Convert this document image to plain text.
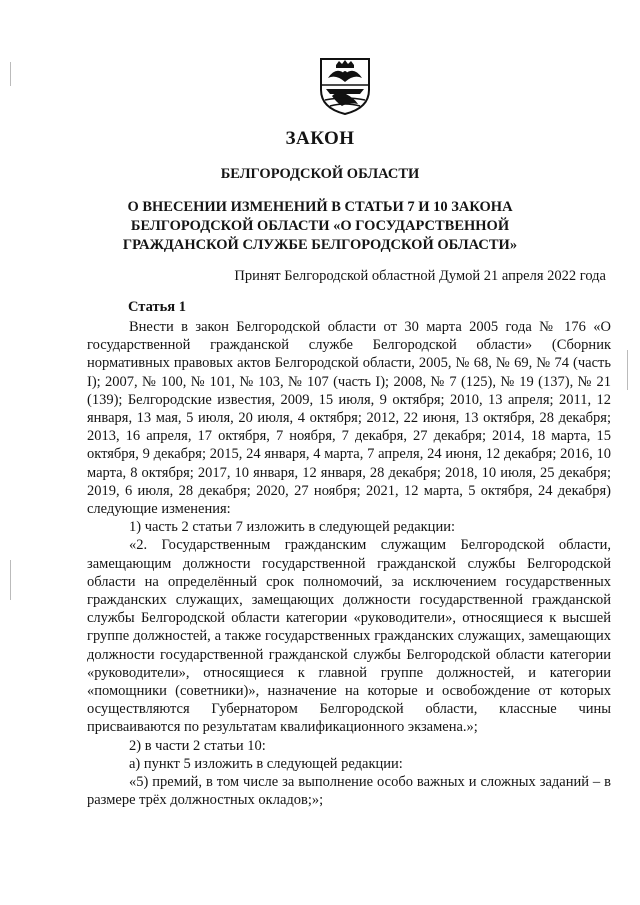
ЗАКОН
БЕЛГОРОДСКОЙ ОБЛАСТИ
О ВНЕСЕНИИ ИЗМЕНЕНИЙ В СТАТЬИ 7 И 10 ЗАКОНА
БЕЛГОРОДСКОЙ ОБЛАСТИ «О ГОСУДАРСТВЕННОЙ
ГРАЖДАНСКОЙ СЛУЖБЕ БЕЛГОРОДСКОЙ ОБЛАСТИ»
Принят Белгородской областной Думой 21 апреля 2022 года
Статья 1

Внести в закон Белгородской области от 30 марта 2005 года № 176 «О государственной гражданской службе Белгородской области» (Сборник нормативных правовых актов Белгородской области, 2005, № 68, № 69, № 74 (часть I); 2007, № 100, № 101, № 103, № 107 (часть I); 2008, № 7 (125), № 19 (137), № 21 (139); Белгородские известия, 2009, 15 июля, 9 октября; 2010, 13 апреля; 2011, 12 января, 13 мая, 5 июля, 20 июля, 4 октября; 2012, 22 июня, 13 октября, 28 декабря; 2013, 16 апреля, 17 октября, 7 ноября, 7 декабря, 27 декабря; 2014, 18 марта, 15 октября, 9 декабря; 2015, 24 января, 4 марта, 7 апреля, 24 июня, 12 декабря; 2016, 10 марта, 8 октября; 2017, 10 января, 12 января, 28 декабря; 2018, 10 июля, 25 декабря; 2019, 6 июля, 28 декабря; 2020, 27 ноября; 2021, 12 марта, 5 октября, 24 декабря) следующие изменения:

1) часть 2 статьи 7 изложить в следующей редакции:

«2. Государственным гражданским служащим Белгородской области, замещающим должности государственной гражданской службы Белгородской области на определённый срок полномочий, за исключением государственных гражданских служащих, замещающих должности государственной гражданской службы Белгородской области категории «руководители», относящиеся к высшей группе должностей, а также государственных гражданских служащих, замещающих должности государственной гражданской службы Белгородской области категории «руководители», относящиеся к главной группе должностей, и категории «помощники (советники)», назначение на которые и освобождение от которых осуществляются Губернатором Белгородской области, классные чины присваиваются по результатам квалификационного экзамена.»;

2) в части 2 статьи 10:

а) пункт 5 изложить в следующей редакции:

«5) премий, в том числе за выполнение особо важных и сложных заданий – в размере трёх должностных окладов;»;
